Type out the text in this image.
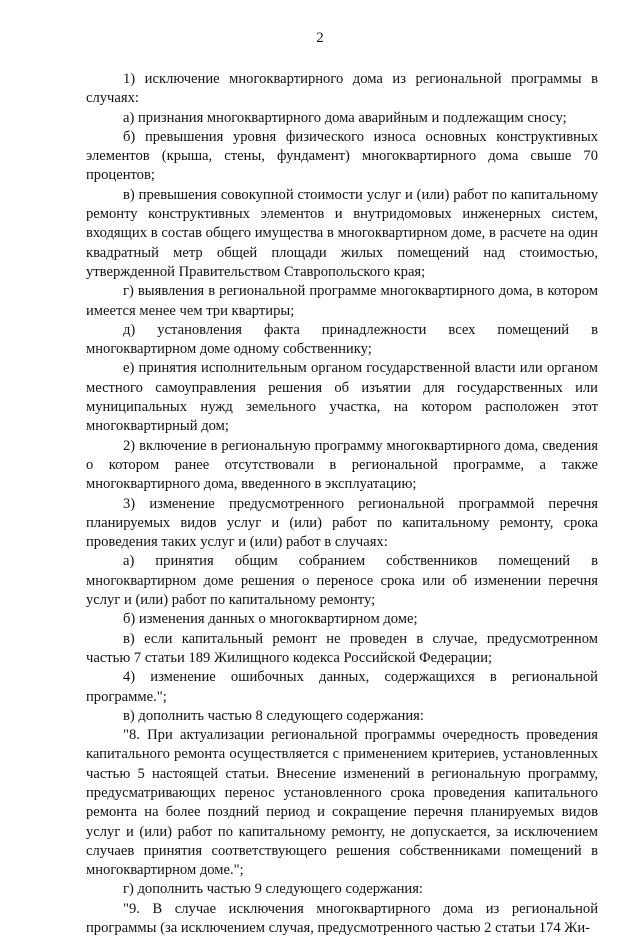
2

1) исключение многоквартирного дома из региональной программы в случаях:

а) признания многоквартирного дома аварийным и подлежащим сносу;

б) превышения уровня физического износа основных конструктивных элементов (крыша, стены, фундамент) многоквартирного дома свыше 70 процентов;

в) превышения совокупной стоимости услуг и (или) работ по капитальному ремонту конструктивных элементов и внутридомовых инженерных систем, входящих в состав общего имущества в многоквартирном доме, в расчете на один квадратный метр общей площади жилых помещений над стоимостью, утвержденной Правительством Ставропольского края;

г) выявления в региональной программе многоквартирного дома, в котором имеется менее чем три квартиры;

д) установления факта принадлежности всех помещений в многоквартирном доме одному собственнику;

е) принятия исполнительным органом государственной власти или органом местного самоуправления решения об изъятии для государственных или муниципальных нужд земельного участка, на котором расположен этот многоквартирный дом;

2) включение в региональную программу многоквартирного дома, сведения о котором ранее отсутствовали в региональной программе, а также многоквартирного дома, введенного в эксплуатацию;

3) изменение предусмотренного региональной программой перечня планируемых видов услуг и (или) работ по капитальному ремонту, срока проведения таких услуг и (или) работ в случаях:

а) принятия общим собранием собственников помещений в многоквартирном доме решения о переносе срока или об изменении перечня услуг и (или) работ по капитальному ремонту;

б) изменения данных о многоквартирном доме;

в) если капитальный ремонт не проведен в случае, предусмотренном частью 7 статьи 189 Жилищного кодекса Российской Федерации;

4) изменение ошибочных данных, содержащихся в региональной программе.";

в) дополнить частью 8 следующего содержания:

"8. При актуализации региональной программы очередность проведения капитального ремонта осуществляется с применением критериев, установленных частью 5 настоящей статьи. Внесение изменений в региональную программу, предусматривающих перенос установленного срока проведения капитального ремонта на более поздний период и сокращение перечня планируемых видов услуг и (или) работ по капитальному ремонту, не допускается, за исключением случаев принятия соответствующего решения собственниками помещений в многоквартирном доме.";

г) дополнить частью 9 следующего содержания:

"9. В случае исключения многоквартирного дома из региональной программы (за исключением случая, предусмотренного частью 2 статьи 174 Жи-
